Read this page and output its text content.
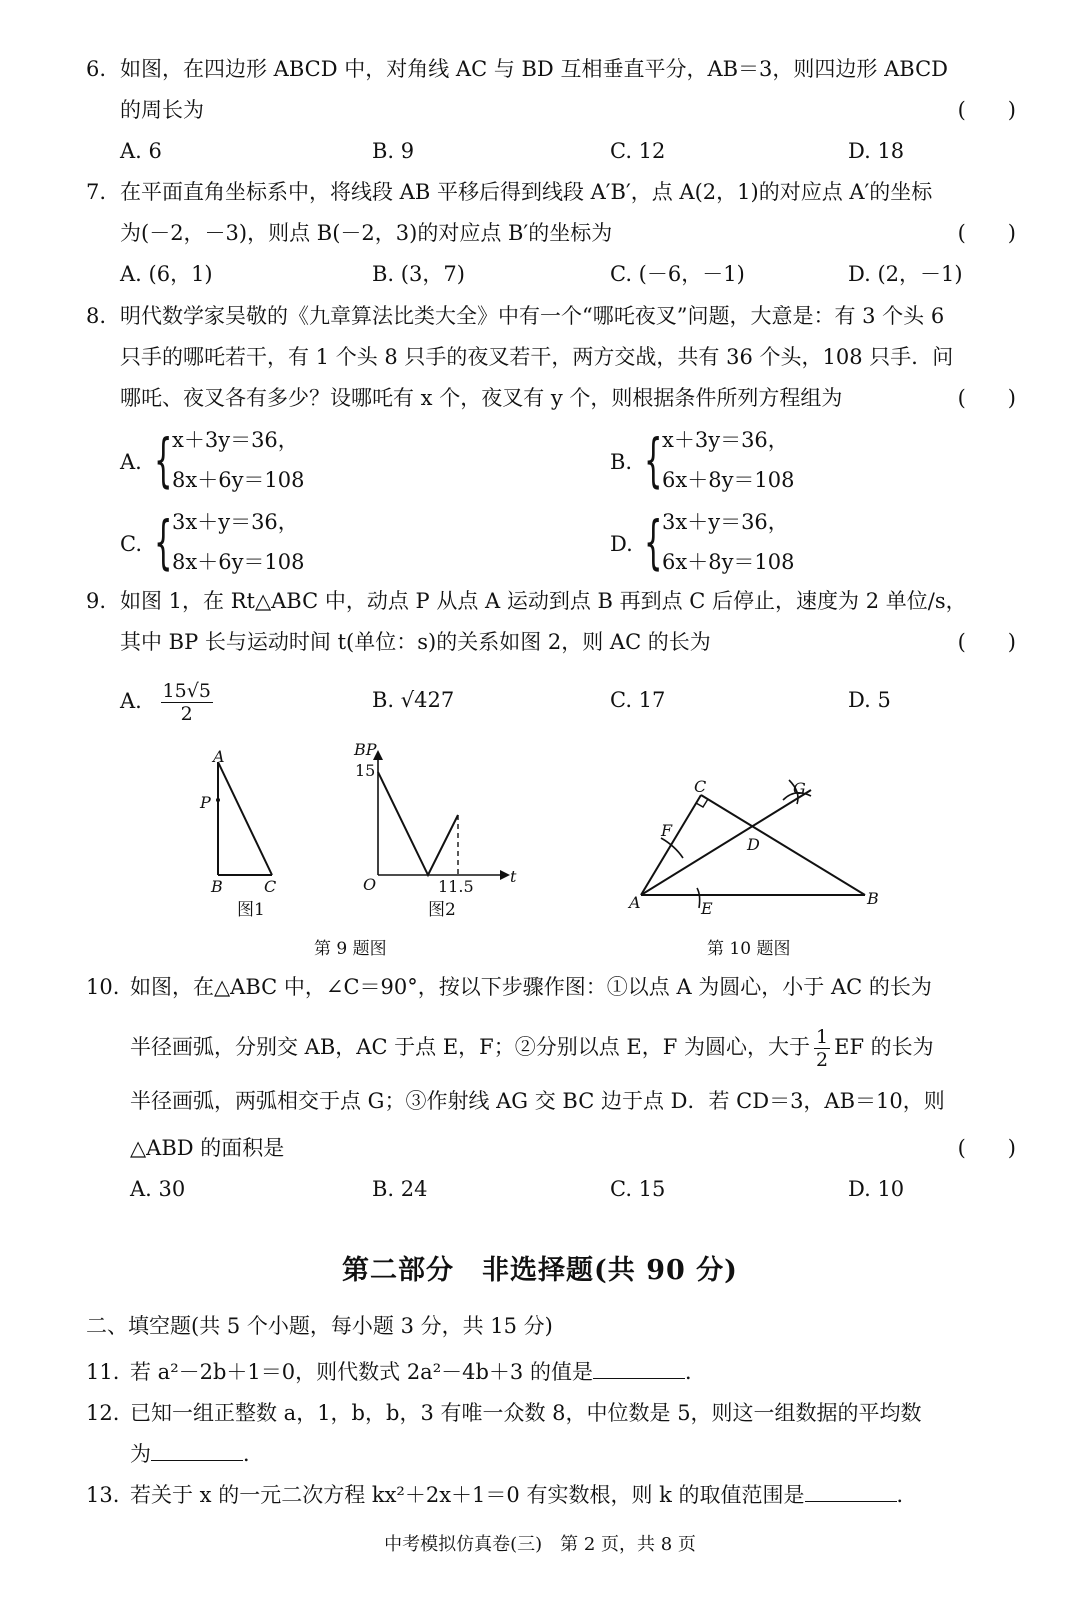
6. 如图，在四边形 ABCD 中，对角线 AC 与 BD 互相垂直平分，AB＝3，则四边形 ABCD
的周长为	(　　)
A. 6	B. 9	C. 12	D. 18
7. 在平面直角坐标系中，将线段 AB 平移后得到线段 A′B′，点 A(2，1)的对应点 A′的坐标
为(－2，－3)，则点 B(－2，3)的对应点 B′的坐标为	(　　)
A. (6，1)	B. (3，7)	C. (－6，－1)	D. (2，－1)
8. 明代数学家吴敬的《九章算法比类大全》中有一个“哪吒夜叉”问题，大意是：有 3 个头 6
只手的哪吒若干，有 1 个头 8 只手的夜叉若干，两方交战，共有 36 个头，108 只手．问
哪吒、夜叉各有多少？设哪吒有 x 个，夜叉有 y 个，则根据条件所列方程组为	(　　)
A. { x＋3y＝36，
8x＋6y＝108
B. { x＋3y＝36，
6x＋8y＝108
C. { 3x＋y＝36，
8x＋6y＝108
D. { 3x＋y＝36，
6x＋8y＝108
9. 如图 1，在 Rt△ABC 中，动点 P 从点 A 运动到点 B 再到点 C 后停止，速度为 2 单位/s，
其中 BP 长与运动时间 t(单位：s)的关系如图 2，则 AC 的长为	(　　)
A. $\frac{15√5}{2}$	B. √427	C. 17	D. 5
A
P
B	C
BP
15
O	11.5
t
图1	图2
第 9 题图
A	B
C
D
E
F
G
第 10 题图
10. 如图，在△ABC 中，∠C＝90°，按以下步骤作图：①以点 A 为圆心，小于 AC 的长为
半径画弧，分别交 AB，AC 于点 E，F；②分别以点 E，F 为圆心，大于 $\frac{1}{2}$ EF 的长为
半径画弧，两弧相交于点 G；③作射线 AG 交 BC 边于点 D．若 CD＝3，AB＝10，则
△ABD 的面积是	(　　)
A. 30	B. 24	C. 15	D. 10
第二部分　非选择题(共 90 分)
二、填空题(共 5 个小题，每小题 3 分，共 15 分)
11. 若 a²－2b＋1＝0，则代数式 2a²－4b＋3 的值是	．
12. 已知一组正整数 a，1，b，b，3 有唯一众数 8，中位数是 5，则这一组数据的平均数
为	．
13. 若关于 x 的一元二次方程 kx²＋2x＋1＝0 有实数根，则 k 的取值范围是	．
中考模拟仿真卷(三)　第 2 页，共 8 页
